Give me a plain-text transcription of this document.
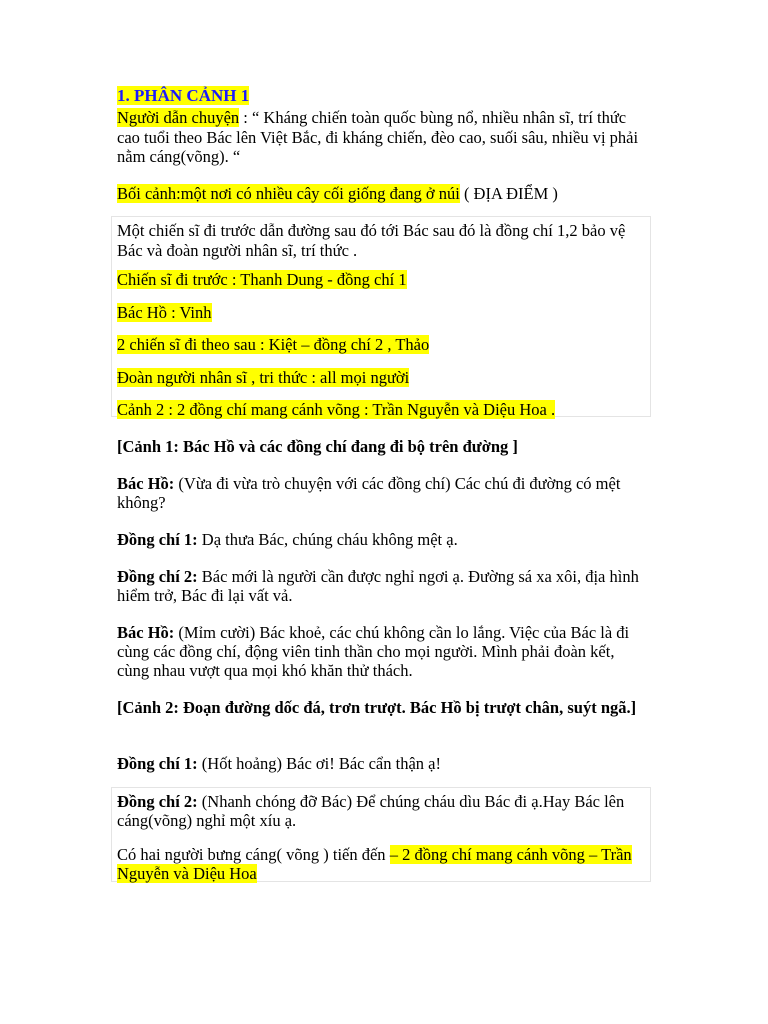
1. PHÂN CẢNH 1
Người dẫn chuyện : “ Kháng chiến toàn quốc bùng nổ, nhiều nhân sĩ, trí thức cao tuổi theo Bác lên Việt Bắc, đi kháng chiến, đèo cao, suối sâu, nhiều vị phải nằm cáng(võng). “
Bối cảnh:một nơi có nhiều cây cối giống đang ở núi ( ĐỊA ĐIỂM )
Một chiến sĩ đi trước dẫn đường sau đó tới Bác sau đó là đồng chí 1,2 bảo vệ Bác và đoàn người nhân sĩ, trí thức .
Chiến sĩ đi trước : Thanh Dung - đồng chí 1
Bác Hồ : Vinh
2 chiến sĩ đi theo sau : Kiệt – đồng chí 2 , Thảo
Đoàn người nhân sĩ , tri thức : all mọi người
Cảnh 2 : 2 đồng chí mang cánh võng : Trần Nguyễn và Diệu Hoa .
[Cảnh 1: Bác Hồ và các đồng chí đang đi bộ trên đường ]
Bác Hồ: (Vừa đi vừa trò chuyện với các đồng chí) Các chú đi đường có mệt không?
Đồng chí 1: Dạ thưa Bác, chúng cháu không mệt ạ.
Đồng chí 2: Bác mới là người cần được nghỉ ngơi ạ. Đường sá xa xôi, địa hình hiểm trở, Bác đi lại vất vả.
Bác Hồ: (Mỉm cười) Bác khoẻ, các chú không cần lo lắng. Việc của Bác là đi cùng các đồng chí, động viên tinh thần cho mọi người. Mình phải đoàn kết, cùng nhau vượt qua mọi khó khăn thử thách.
[Cảnh 2: Đoạn đường dốc đá, trơn trượt. Bác Hồ bị trượt chân, suýt ngã.]
Đồng chí 1: (Hốt hoảng) Bác ơi! Bác cẩn thận ạ!
Đồng chí 2: (Nhanh chóng đỡ Bác) Để chúng cháu dìu Bác đi ạ.Hay Bác lên cáng(võng) nghỉ một xíu ạ.
Có hai người bưng cáng( võng ) tiến đến – 2 đồng chí mang cánh võng – Trần Nguyễn và Diệu Hoa
